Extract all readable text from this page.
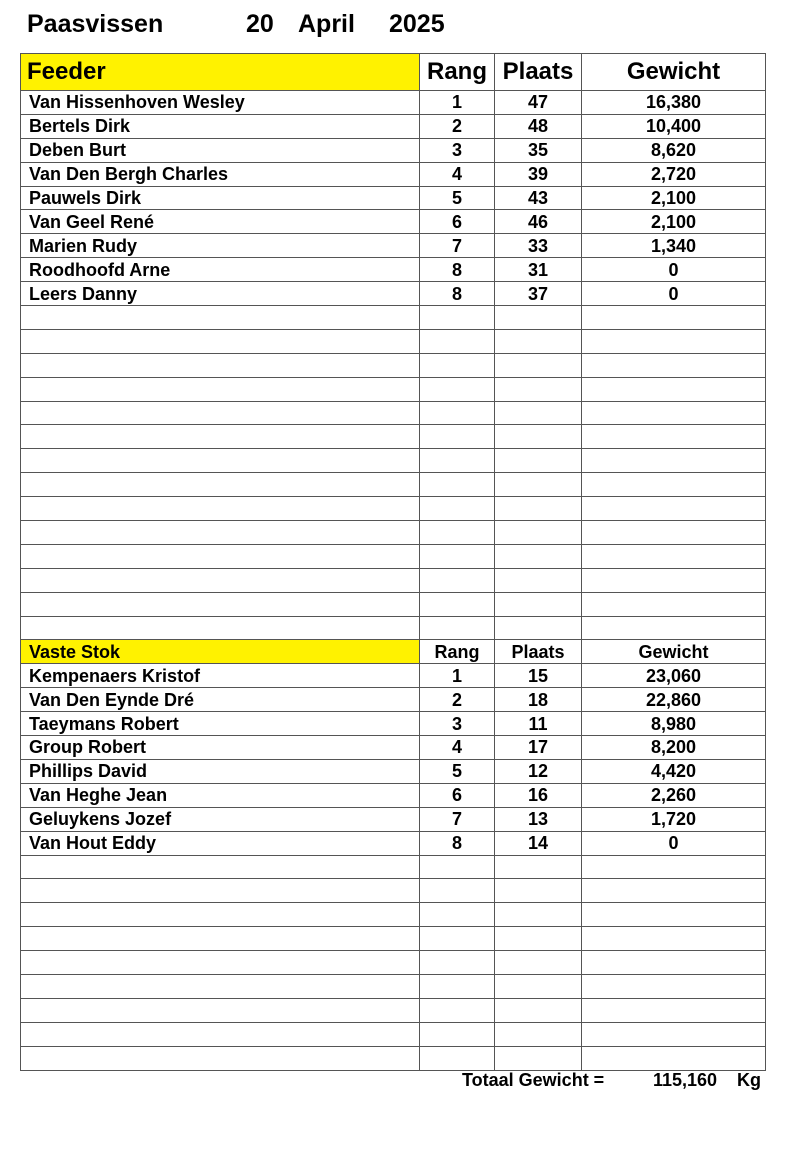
Paasvissen

	20

April

2025

Feeder	Rang	Plaats	Gewicht
Van Hissenhoven Wesley	1	47	16,380
Bertels Dirk	2	48	10,400
Deben Burt	3	35	8,620
Van Den Bergh Charles	4	39	2,720
Pauwels Dirk	5	43	2,100
Van Geel René	6	46	2,100
Marien Rudy	7	33	1,340
Roodhoofd Arne	8	31	0
Leers Danny	8	37	0

Vaste Stok	Rang	Plaats	Gewicht
Kempenaers Kristof	1	15	23,060
Van Den Eynde Dré	2	18	22,860
Taeymans Robert	3	11	8,980
Group Robert	4	17	8,200
Phillips David	5	12	4,420
Van Heghe Jean	6	16	2,260
Geluykens Jozef	7	13	1,720
Van Hout Eddy	8	14	0

Totaal Gewicht =

	115,160

Kg
